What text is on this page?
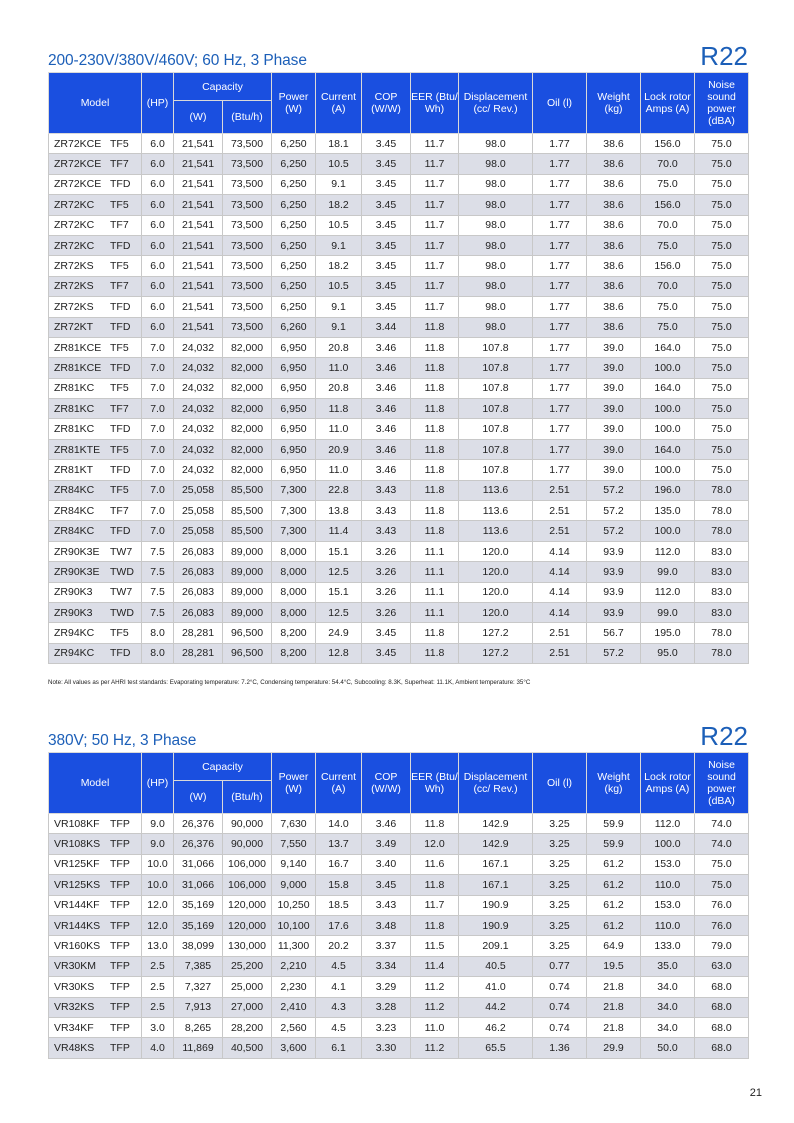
200-230V/380V/460V; 60 Hz, 3 Phase	R22
Model	(HP)	Capacity		Power (W)	Current (A)	COP (W/W)	EER (Btu/ Wh)	Displacement (cc/ Rev.)	Oil (l)	Weight (kg)	Lock rotor Amps (A)	Noise sound power (dBA)
		(W)	(Btu/h)									
ZR72KCE TF5	6.0	21,541	73,500	6,250	18.1	3.45	11.7	98.0	1.77	38.6	156.0	75.0
ZR72KCE TF7	6.0	21,541	73,500	6,250	10.5	3.45	11.7	98.0	1.77	38.6	70.0	75.0
ZR72KCE TFD	6.0	21,541	73,500	6,250	9.1	3.45	11.7	98.0	1.77	38.6	75.0	75.0
ZR72KC TF5	6.0	21,541	73,500	6,250	18.2	3.45	11.7	98.0	1.77	38.6	156.0	75.0
ZR72KC TF7	6.0	21,541	73,500	6,250	10.5	3.45	11.7	98.0	1.77	38.6	70.0	75.0
ZR72KC TFD	6.0	21,541	73,500	6,250	9.1	3.45	11.7	98.0	1.77	38.6	75.0	75.0
ZR72KS TF5	6.0	21,541	73,500	6,250	18.2	3.45	11.7	98.0	1.77	38.6	156.0	75.0
ZR72KS TF7	6.0	21,541	73,500	6,250	10.5	3.45	11.7	98.0	1.77	38.6	70.0	75.0
ZR72KS TFD	6.0	21,541	73,500	6,250	9.1	3.45	11.7	98.0	1.77	38.6	75.0	75.0
ZR72KT TFD	6.0	21,541	73,500	6,260	9.1	3.44	11.8	98.0	1.77	38.6	75.0	75.0
ZR81KCE TF5	7.0	24,032	82,000	6,950	20.8	3.46	11.8	107.8	1.77	39.0	164.0	75.0
ZR81KCE TFD	7.0	24,032	82,000	6,950	11.0	3.46	11.8	107.8	1.77	39.0	100.0	75.0
ZR81KC TF5	7.0	24,032	82,000	6,950	20.8	3.46	11.8	107.8	1.77	39.0	164.0	75.0
ZR81KC TF7	7.0	24,032	82,000	6,950	11.8	3.46	11.8	107.8	1.77	39.0	100.0	75.0
ZR81KC TFD	7.0	24,032	82,000	6,950	11.0	3.46	11.8	107.8	1.77	39.0	100.0	75.0
ZR81KTE TF5	7.0	24,032	82,000	6,950	20.9	3.46	11.8	107.8	1.77	39.0	164.0	75.0
ZR81KT TFD	7.0	24,032	82,000	6,950	11.0	3.46	11.8	107.8	1.77	39.0	100.0	75.0
ZR84KC TF5	7.0	25,058	85,500	7,300	22.8	3.43	11.8	113.6	2.51	57.2	196.0	78.0
ZR84KC TF7	7.0	25,058	85,500	7,300	13.8	3.43	11.8	113.6	2.51	57.2	135.0	78.0
ZR84KC TFD	7.0	25,058	85,500	7,300	11.4	3.43	11.8	113.6	2.51	57.2	100.0	78.0
ZR90K3E TW7	7.5	26,083	89,000	8,000	15.1	3.26	11.1	120.0	4.14	93.9	112.0	83.0
ZR90K3E TWD	7.5	26,083	89,000	8,000	12.5	3.26	11.1	120.0	4.14	93.9	99.0	83.0
ZR90K3 TW7	7.5	26,083	89,000	8,000	15.1	3.26	11.1	120.0	4.14	93.9	112.0	83.0
ZR90K3 TWD	7.5	26,083	89,000	8,000	12.5	3.26	11.1	120.0	4.14	93.9	99.0	83.0
ZR94KC TF5	8.0	28,281	96,500	8,200	24.9	3.45	11.8	127.2	2.51	56.7	195.0	78.0
ZR94KC TFD	8.0	28,281	96,500	8,200	12.8	3.45	11.8	127.2	2.51	57.2	95.0	78.0
Note: All values as per AHRI test standards: Evaporating temperature: 7.2°C, Condensing temperature: 54.4°C, Subcooling: 8.3K, Superheat: 11.1K, Ambient temperature: 35°C
380V; 50 Hz, 3 Phase	R22
Model	(HP)	Capacity		Power (W)	Current (A)	COP (W/W)	EER (Btu/ Wh)	Displacement (cc/ Rev.)	Oil (l)	Weight (kg)	Lock rotor Amps (A)	Noise sound power (dBA)
		(W)	(Btu/h)									
VR108KF TFP	9.0	26,376	90,000	7,630	14.0	3.46	11.8	142.9	3.25	59.9	112.0	74.0
VR108KS TFP	9.0	26,376	90,000	7,550	13.7	3.49	12.0	142.9	3.25	59.9	100.0	74.0
VR125KF TFP	10.0	31,066	106,000	9,140	16.7	3.40	11.6	167.1	3.25	61.2	153.0	75.0
VR125KS TFP	10.0	31,066	106,000	9,000	15.8	3.45	11.8	167.1	3.25	61.2	110.0	75.0
VR144KF TFP	12.0	35,169	120,000	10,250	18.5	3.43	11.7	190.9	3.25	61.2	153.0	76.0
VR144KS TFP	12.0	35,169	120,000	10,100	17.6	3.48	11.8	190.9	3.25	61.2	110.0	76.0
VR160KS TFP	13.0	38,099	130,000	11,300	20.2	3.37	11.5	209.1	3.25	64.9	133.0	79.0
VR30KM TFP	2.5	7,385	25,200	2,210	4.5	3.34	11.4	40.5	0.77	19.5	35.0	63.0
VR30KS TFP	2.5	7,327	25,000	2,230	4.1	3.29	11.2	41.0	0.74	21.8	34.0	68.0
VR32KS TFP	2.5	7,913	27,000	2,410	4.3	3.28	11.2	44.2	0.74	21.8	34.0	68.0
VR34KF TFP	3.0	8,265	28,200	2,560	4.5	3.23	11.0	46.2	0.74	21.8	34.0	68.0
VR48KS TFP	4.0	11,869	40,500	3,600	6.1	3.30	11.2	65.5	1.36	29.9	50.0	68.0
21
